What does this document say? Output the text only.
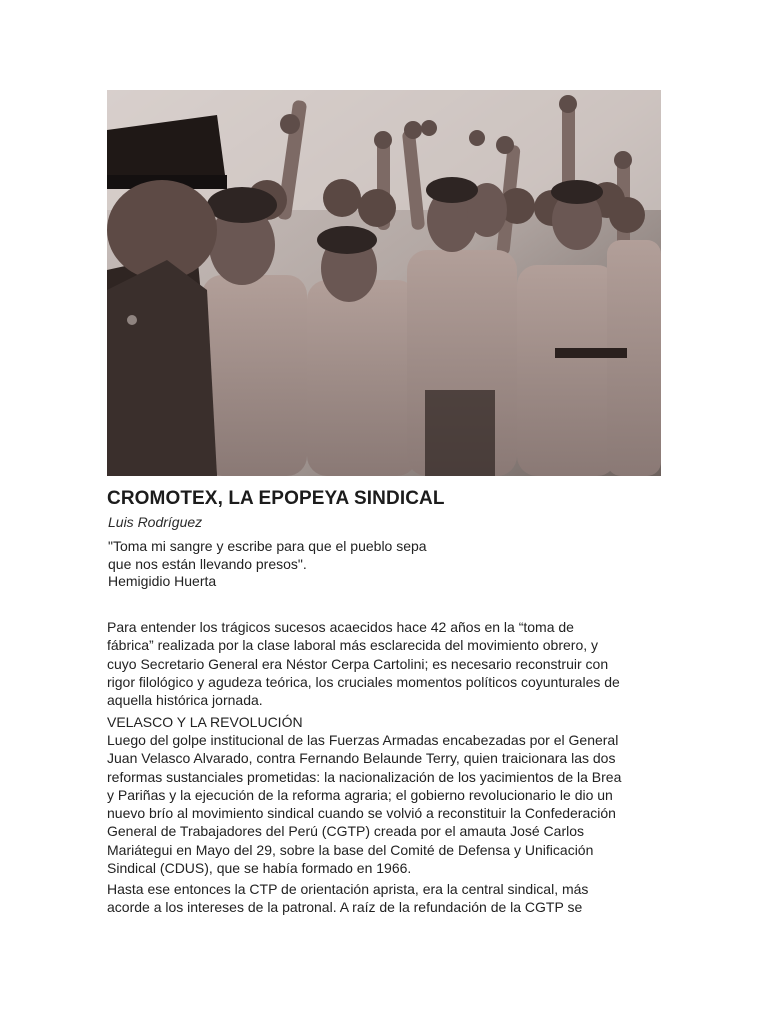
CROMOTEX, LA EPOPEYA SINDICAL
Luis Rodríguez
"Toma mi sangre y escribe para que el pueblo sepa
que nos están llevando presos".
Hemigidio Huerta
Para entender los trágicos sucesos acaecidos hace 42 años en la “toma de
fábrica” realizada por la clase laboral más esclarecida del movimiento obrero, y
cuyo Secretario General era Néstor Cerpa Cartolini; es necesario reconstruir con
rigor filológico y agudeza teórica, los cruciales momentos políticos coyunturales de
aquella histórica jornada.
VELASCO Y LA REVOLUCIÓN
Luego del golpe institucional de las Fuerzas Armadas encabezadas por el General
Juan Velasco Alvarado, contra Fernando Belaunde Terry, quien traicionara las dos
reformas sustanciales prometidas: la nacionalización de los yacimientos de la Brea
y Pariñas y la ejecución de la reforma agraria; el gobierno revolucionario le dio un
nuevo brío al movimiento sindical cuando se volvió a reconstituir la Confederación
General de Trabajadores del Perú (CGTP) creada por el amauta José Carlos
Mariátegui en Mayo del 29, sobre la base del Comité de Defensa y Unificación
Sindical (CDUS), que se había formado en 1966.
Hasta ese entonces la CTP de orientación aprista, era la central sindical, más
acorde a los intereses de la patronal. A raíz de la refundación de la CGTP se
